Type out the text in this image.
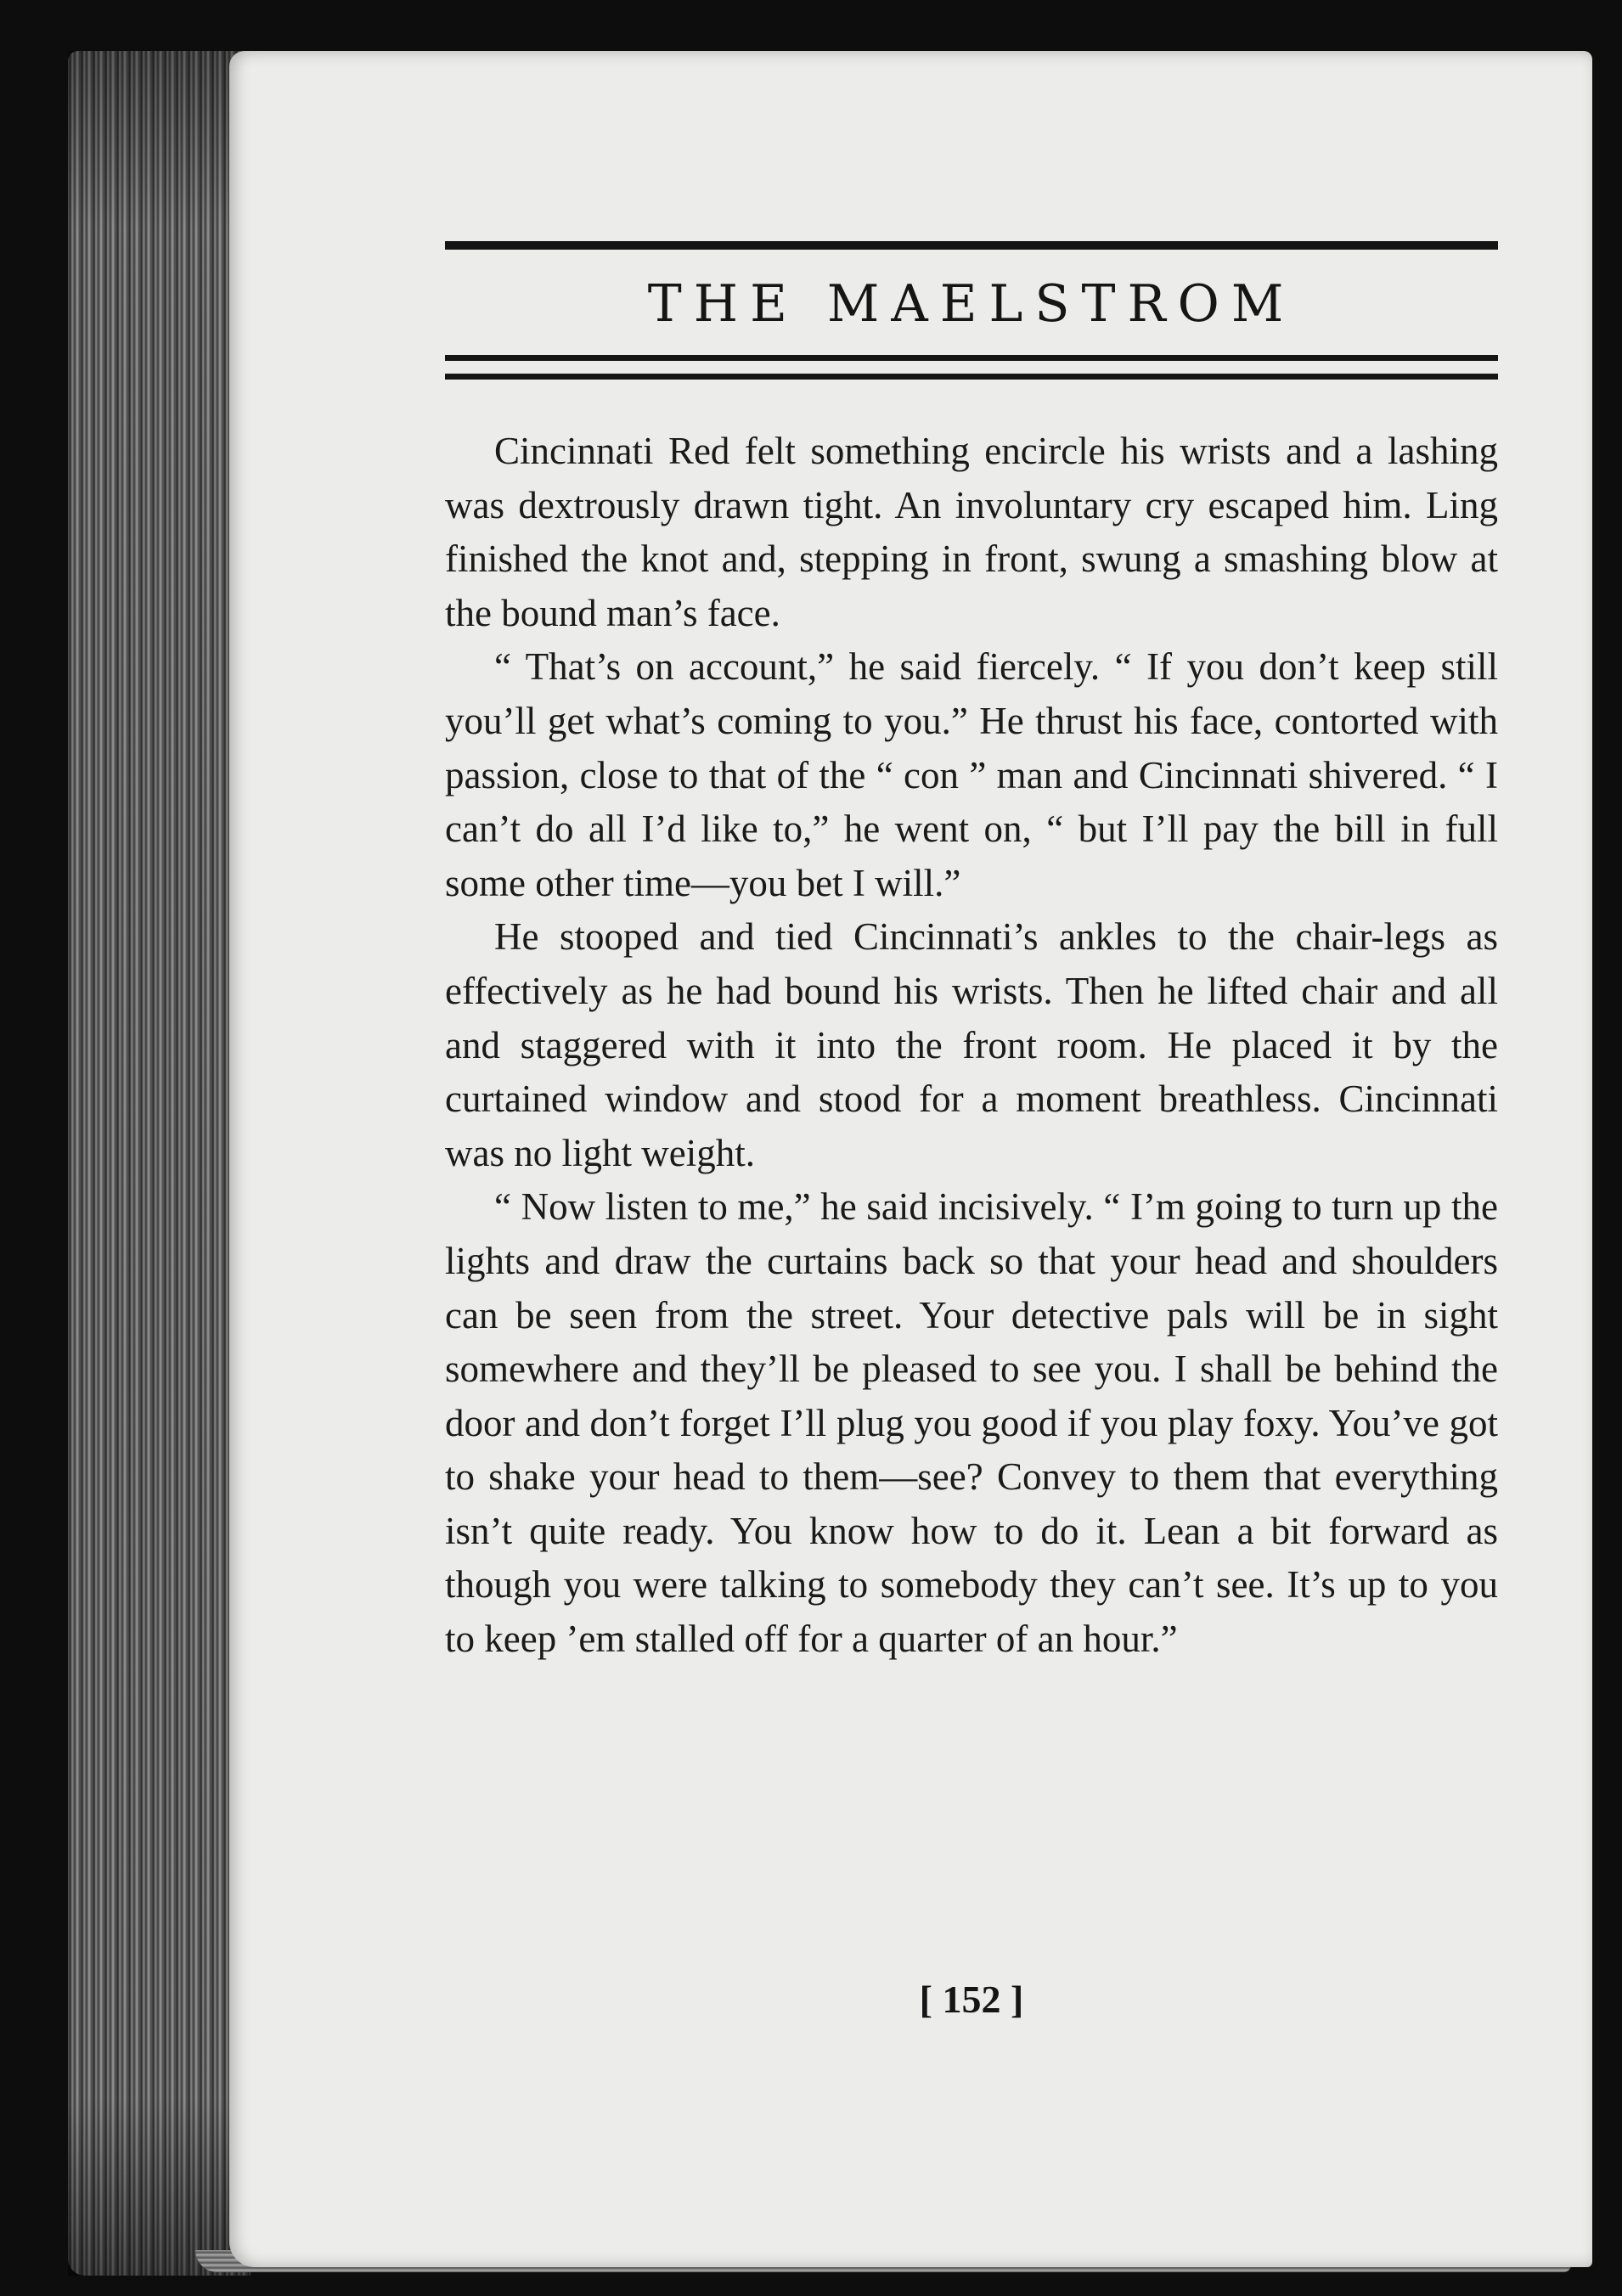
THE MAELSTROM

Cincinnati Red felt something encircle his wrists and a lashing was dextrously drawn tight. An involuntary cry escaped him. Ling finished the knot and, stepping in front, swung a smashing blow at the bound man’s face.

“ That’s on account,” he said fiercely. “ If you don’t keep still you’ll get what’s coming to you.” He thrust his face, contorted with passion, close to that of the “ con ” man and Cincinnati shivered. “ I can’t do all I’d like to,” he went on, “ but I’ll pay the bill in full some other time—you bet I will.”

He stooped and tied Cincinnati’s ankles to the chair-legs as effectively as he had bound his wrists. Then he lifted chair and all and staggered with it into the front room. He placed it by the curtained window and stood for a moment breathless. Cincinnati was no light weight.

“ Now listen to me,” he said incisively. “ I’m going to turn up the lights and draw the curtains back so that your head and shoulders can be seen from the street. Your detective pals will be in sight somewhere and they’ll be pleased to see you. I shall be behind the door and don’t forget I’ll plug you good if you play foxy. You’ve got to shake your head to them—see? Convey to them that everything isn’t quite ready. You know how to do it. Lean a bit forward as though you were talking to somebody they can’t see. It’s up to you to keep ’em stalled off for a quarter of an hour.”

[ 152 ]
